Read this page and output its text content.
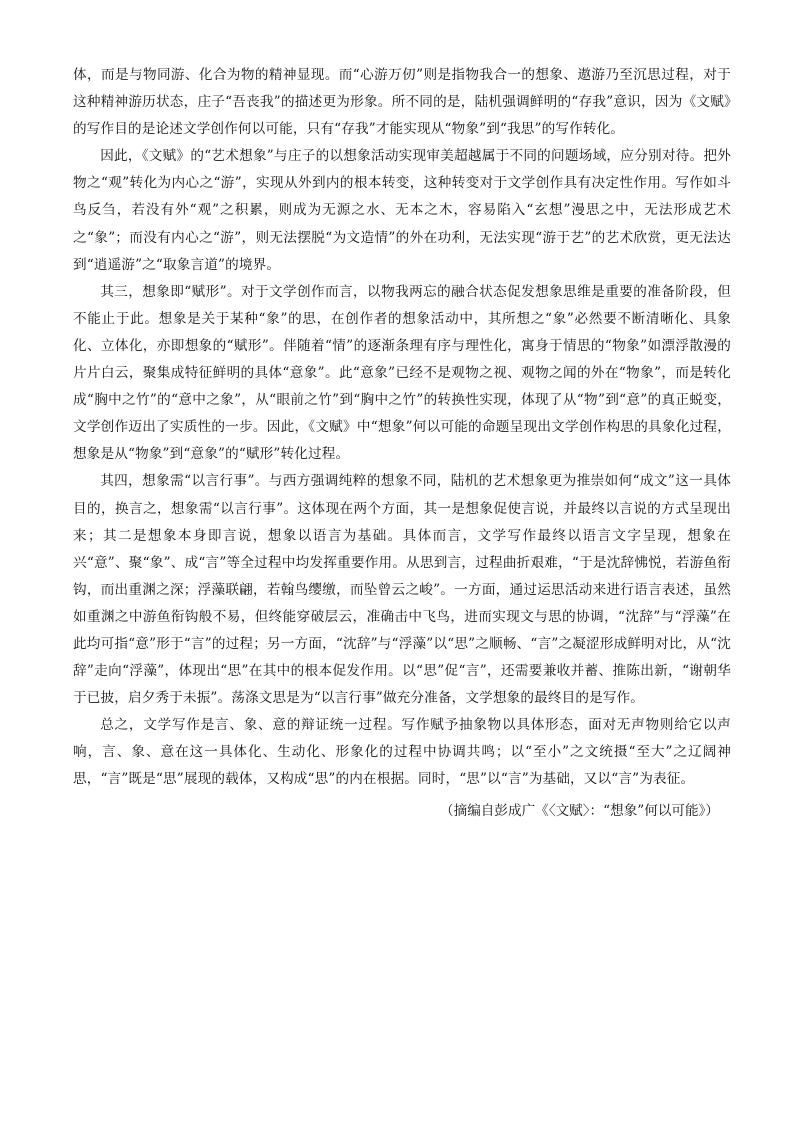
体，而是与物同游、化合为物的精神显现。而“心游万仞”则是指物我合一的想象、遨游乃至沉思过程，对于这种精神游历状态，庄子“吾丧我”的描述更为形象。所不同的是，陆机强调鲜明的“存我”意识，因为《文赋》的写作目的是论述文学创作何以可能，只有“存我”才能实现从“物象”到“我思”的写作转化。

因此，《文赋》的“艺术想象”与庄子的以想象活动实现审美超越属于不同的问题场域，应分别对待。把外物之“观”转化为内心之“游”，实现从外到内的根本转变，这种转变对于文学创作具有决定性作用。写作如斗鸟反刍，若没有外“观”之积累，则成为无源之水、无本之木，容易陷入“玄想”漫思之中，无法形成艺术之“象”；而没有内心之“游”，则无法摆脱“为文造情”的外在功利，无法实现“游于艺”的艺术欣赏，更无法达到“逍遥游”之“取象言道”的境界。

其三，想象即“赋形”。对于文学创作而言，以物我两忘的融合状态促发想象思维是重要的准备阶段，但不能止于此。想象是关于某种“象”的思，在创作者的想象活动中，其所想之“象”必然要不断清晰化、具象化、立体化，亦即想象的“赋形”。伴随着“情”的逐渐条理有序与理性化，寓身于情思的“物象”如漂浮散漫的片片白云，聚集成特征鲜明的具体“意象”。此“意象”已经不是观物之视、观物之闻的外在“物象”，而是转化成“胸中之竹”的“意中之象”，从“眼前之竹”到“胸中之竹”的转换性实现，体现了从“物”到“意”的真正蜕变，文学创作迈出了实质性的一步。因此，《文赋》中“想象”何以可能的命题呈现出文学创作构思的具象化过程，想象是从“物象”到“意象”的“赋形”转化过程。

其四，想象需“以言行事”。与西方强调纯粹的想象不同，陆机的艺术想象更为推崇如何“成文”这一具体目的，换言之，想象需“以言行事”。这体现在两个方面，其一是想象促使言说，并最终以言说的方式呈现出来；其二是想象本身即言说，想象以语言为基础。具体而言，文学写作最终以语言文字呈现，想象在兴“意”、聚“象”、成“言”等全过程中均发挥重要作用。从思到言，过程曲折艰难，“于是沈辞怫悦，若游鱼衔钩，而出重渊之深；浮藻联翩，若翰鸟缨缴，而坠曾云之峻”。一方面，通过运思活动来进行语言表述，虽然如重渊之中游鱼衔钩般不易，但终能穿破层云，准确击中飞鸟，进而实现文与思的协调，“沈辞”与“浮藻”在此均可指“意”形于“言”的过程；另一方面，“沈辞”与“浮藻”以“思”之顺畅、“言”之凝涩形成鲜明对比，从“沈辞”走向“浮藻”，体现出“思”在其中的根本促发作用。以“思”促“言”，还需要兼收并蓄、推陈出新，“谢朝华于已披，启夕秀于未振”。荡涤文思是为“以言行事”做充分准备，文学想象的最终目的是写作。

总之，文学写作是言、象、意的辩证统一过程。写作赋予抽象物以具体形态，面对无声物则给它以声响，言、象、意在这一具体化、生动化、形象化的过程中协调共鸣；以“至小”之文统摄“至大”之辽阔神思，“言”既是“思”展现的载体，又构成“思”的内在根据。同时，“思”以“言”为基础，又以“言”为表征。

（摘编自彭成广《〈文赋〉：“想象”何以可能》）
